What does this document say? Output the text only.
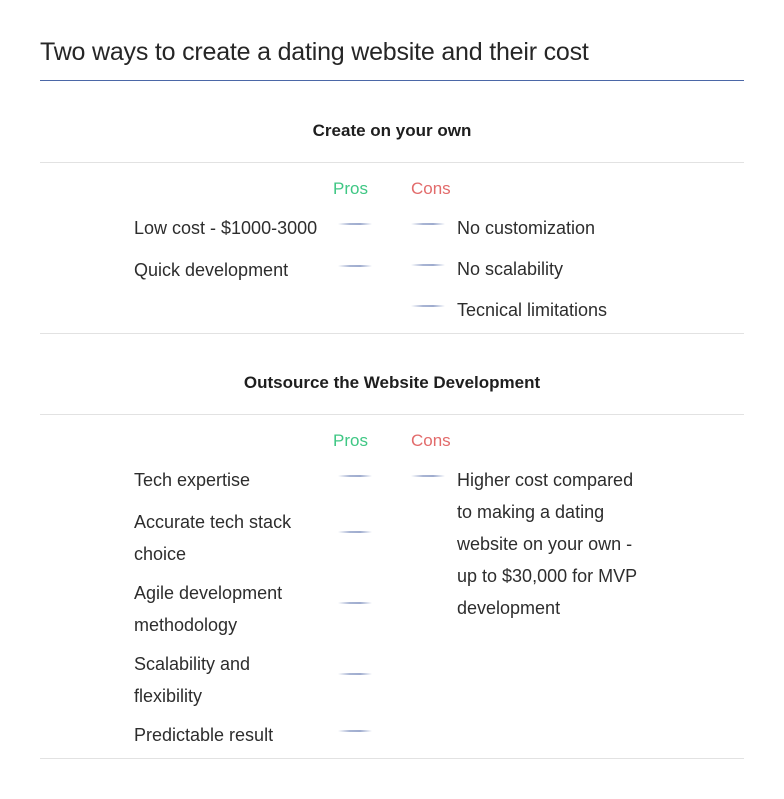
Two ways to create a dating website and their cost
Create on your own
Pros	Cons
Low cost - $1000-3000
Quick development
No customization
No scalability
Tecnical limitations
Outsource the Website Development
Pros	Cons
Tech expertise
Accurate tech stack
choice
Agile development
methodology
Scalability and
flexibility
Predictable result
Higher cost compared
to making a dating
website on your own -
up to $30,000 for MVP
development
